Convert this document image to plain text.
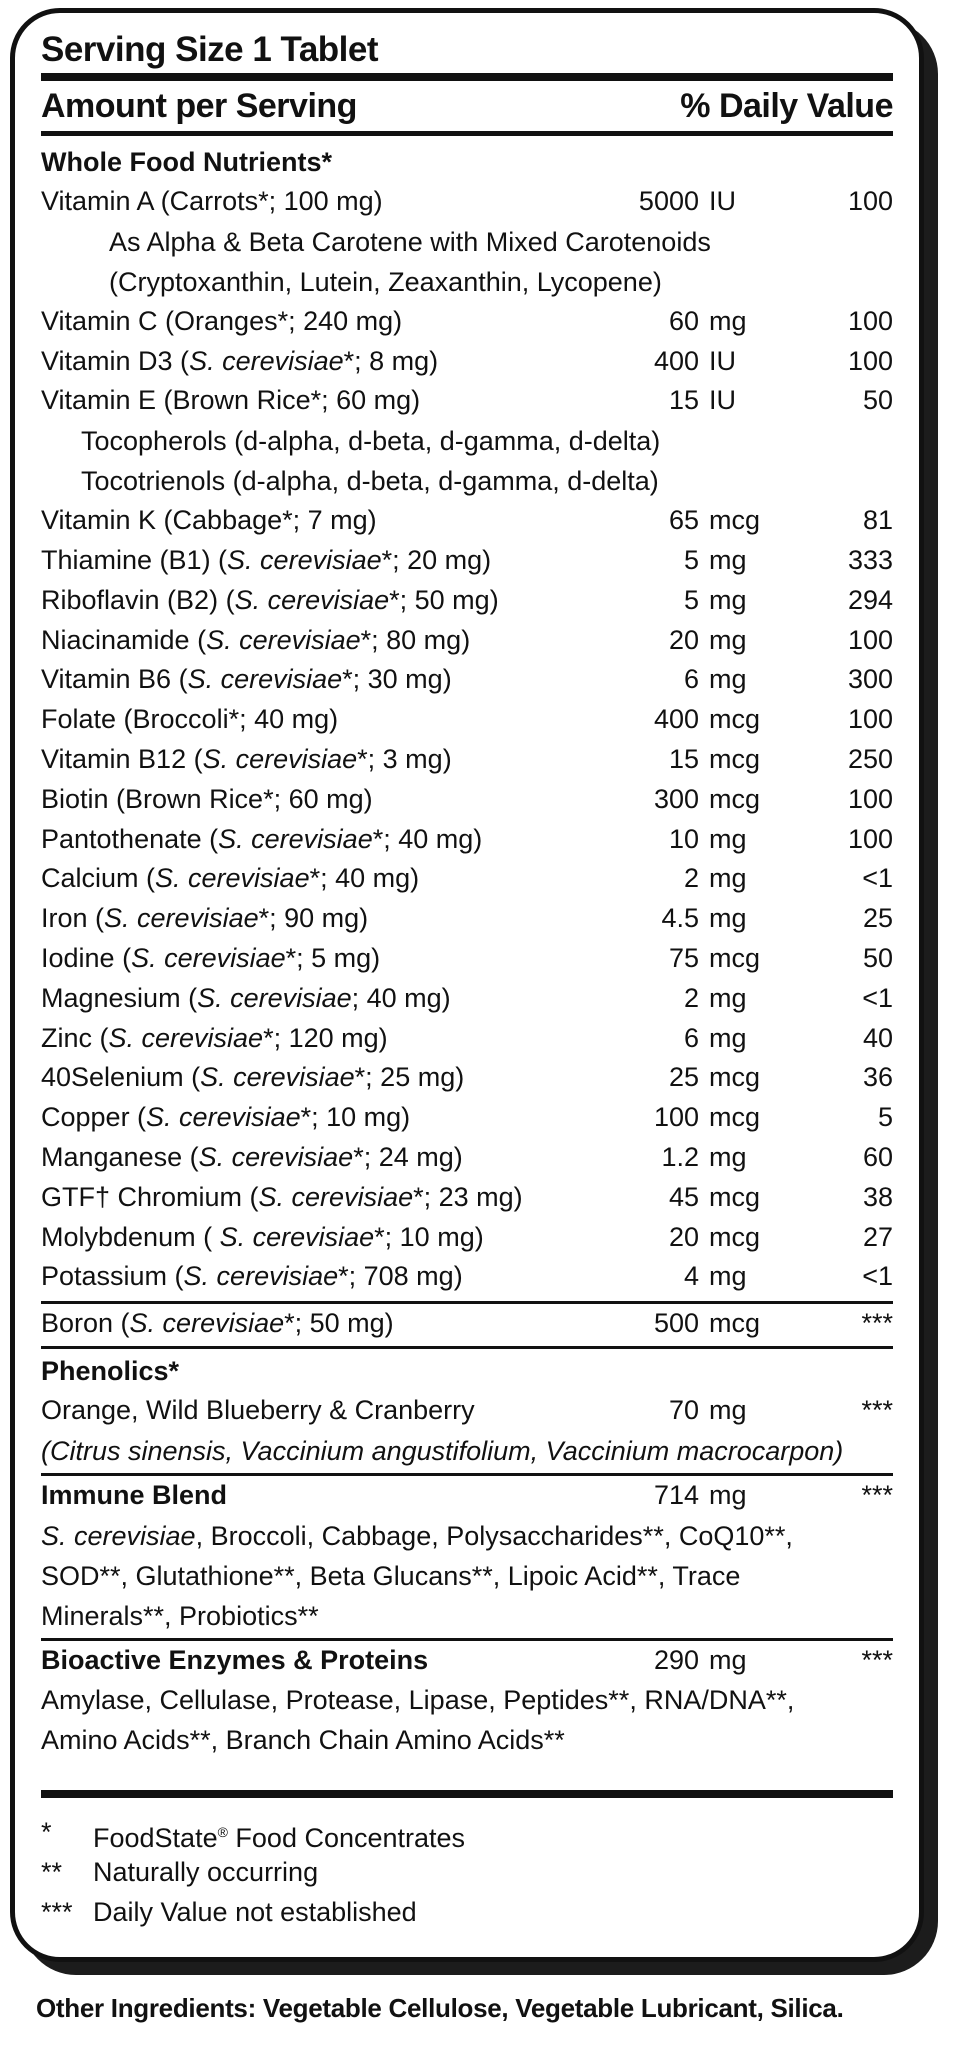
Serving Size 1 Tablet
Amount per Serving	% Daily Value
Whole Food Nutrients*
Vitamin A (Carrots*; 100 mg)	5000 IU	100
As Alpha & Beta Carotene with Mixed Carotenoids
(Cryptoxanthin, Lutein, Zeaxanthin, Lycopene)
Vitamin C (Oranges*; 240 mg)	60 mg	100
Vitamin D3 (S. cerevisiae*; 8 mg)	400 IU	100
Vitamin E (Brown Rice*; 60 mg)	15 IU	50
Tocopherols (d-alpha, d-beta, d-gamma, d-delta)
Tocotrienols (d-alpha, d-beta, d-gamma, d-delta)
Vitamin K (Cabbage*; 7 mg)	65 mcg	81
Thiamine (B1) (S. cerevisiae*; 20 mg)	5 mg	333
Riboflavin (B2) (S. cerevisiae*; 50 mg)	5 mg	294
Niacinamide (S. cerevisiae*; 80 mg)	20 mg	100
Vitamin B6 (S. cerevisiae*; 30 mg)	6 mg	300
Folate (Broccoli*; 40 mg)	400 mcg	100
Vitamin B12 (S. cerevisiae*; 3 mg)	15 mcg	250
Biotin (Brown Rice*; 60 mg)	300 mcg	100
Pantothenate (S. cerevisiae*; 40 mg)	10 mg	100
Calcium (S. cerevisiae*; 40 mg)	2 mg	<1
Iron (S. cerevisiae*; 90 mg)	4.5 mg	25
Iodine (S. cerevisiae*; 5 mg)	75 mcg	50
Magnesium (S. cerevisiae; 40 mg)	2 mg	<1
Zinc (S. cerevisiae*; 120 mg)	6 mg	40
40Selenium (S. cerevisiae*; 25 mg)	25 mcg	36
Copper (S. cerevisiae*; 10 mg)	100 mcg	5
Manganese (S. cerevisiae*; 24 mg)	1.2 mg	60
GTF† Chromium (S. cerevisiae*; 23 mg)	45 mcg	38
Molybdenum ( S. cerevisiae*; 10 mg)	20 mcg	27
Potassium (S. cerevisiae*; 708 mg)	4 mg	<1
Boron (S. cerevisiae*; 50 mg)	500 mcg	***
Phenolics*
Orange, Wild Blueberry & Cranberry	70 mg	***
(Citrus sinensis, Vaccinium angustifolium, Vaccinium macrocarpon)
Immune Blend	714 mg	***
S. cerevisiae, Broccoli, Cabbage, Polysaccharides**, CoQ10**,
SOD**, Glutathione**, Beta Glucans**, Lipoic Acid**, Trace
Minerals**, Probiotics**
Bioactive Enzymes & Proteins	290 mg	***
Amylase, Cellulase, Protease, Lipase, Peptides**, RNA/DNA**,
Amino Acids**, Branch Chain Amino Acids**
*	FoodState® Food Concentrates
**	Naturally occurring
*** Daily Value not established
Other Ingredients: Vegetable Cellulose, Vegetable Lubricant, Silica.
